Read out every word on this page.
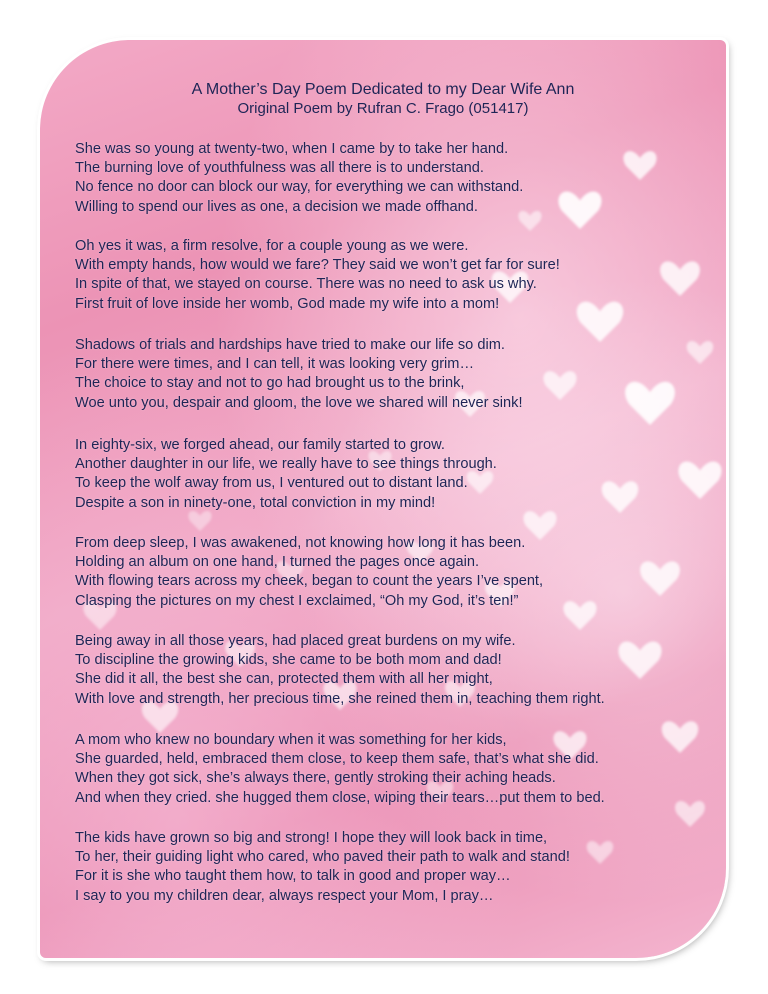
A Mother’s Day Poem Dedicated to my Dear Wife Ann
Original Poem by Rufran C. Frago (051417)
She was so young at twenty-two, when I came by to take her hand.
The burning love of youthfulness was all there is to understand.
No fence no door can block our way, for everything we can withstand.
Willing to spend our lives as one, a decision we made offhand.
Oh yes it was, a firm resolve, for a couple young as we were.
With empty hands, how would we fare? They said we won’t get far for sure!
In spite of that, we stayed on course. There was no need to ask us why.
First fruit of love inside her womb, God made my wife into a mom!
Shadows of trials and hardships have tried to make our life so dim.
For there were times, and I can tell, it was looking very grim…
The choice to stay and not to go had brought us to the brink,
Woe unto you, despair and gloom, the love we shared will never sink!
In eighty-six, we forged ahead, our family started to grow.
Another daughter in our life, we really have to see things through.
To keep the wolf away from us, I ventured out to distant land.
Despite a son in ninety-one, total conviction in my mind!
From deep sleep, I was awakened, not knowing how long it has been.
Holding an album on one hand, I turned the pages once again.
With flowing tears across my cheek, began to count the years I’ve spent,
Clasping the pictures on my chest I exclaimed, “Oh my God, it’s ten!”
Being away in all those years, had placed great burdens on my wife.
To discipline the growing kids, she came to be both mom and dad!
She did it all, the best she can, protected them with all her might,
With love and strength, her precious time, she reined them in, teaching them right.
A mom who knew no boundary when it was something for her kids,
She guarded, held, embraced them close, to keep them safe, that’s what she did.
When they got sick, she’s always there, gently stroking their aching heads.
And when they cried. she hugged them close, wiping their tears…put them to bed.
The kids have grown so big and strong! I hope they will look back in time,
To her, their guiding light who cared, who paved their path to walk and stand!
For it is she who taught them how, to talk in good and proper way…
I say to you my children dear, always respect your Mom, I pray…
